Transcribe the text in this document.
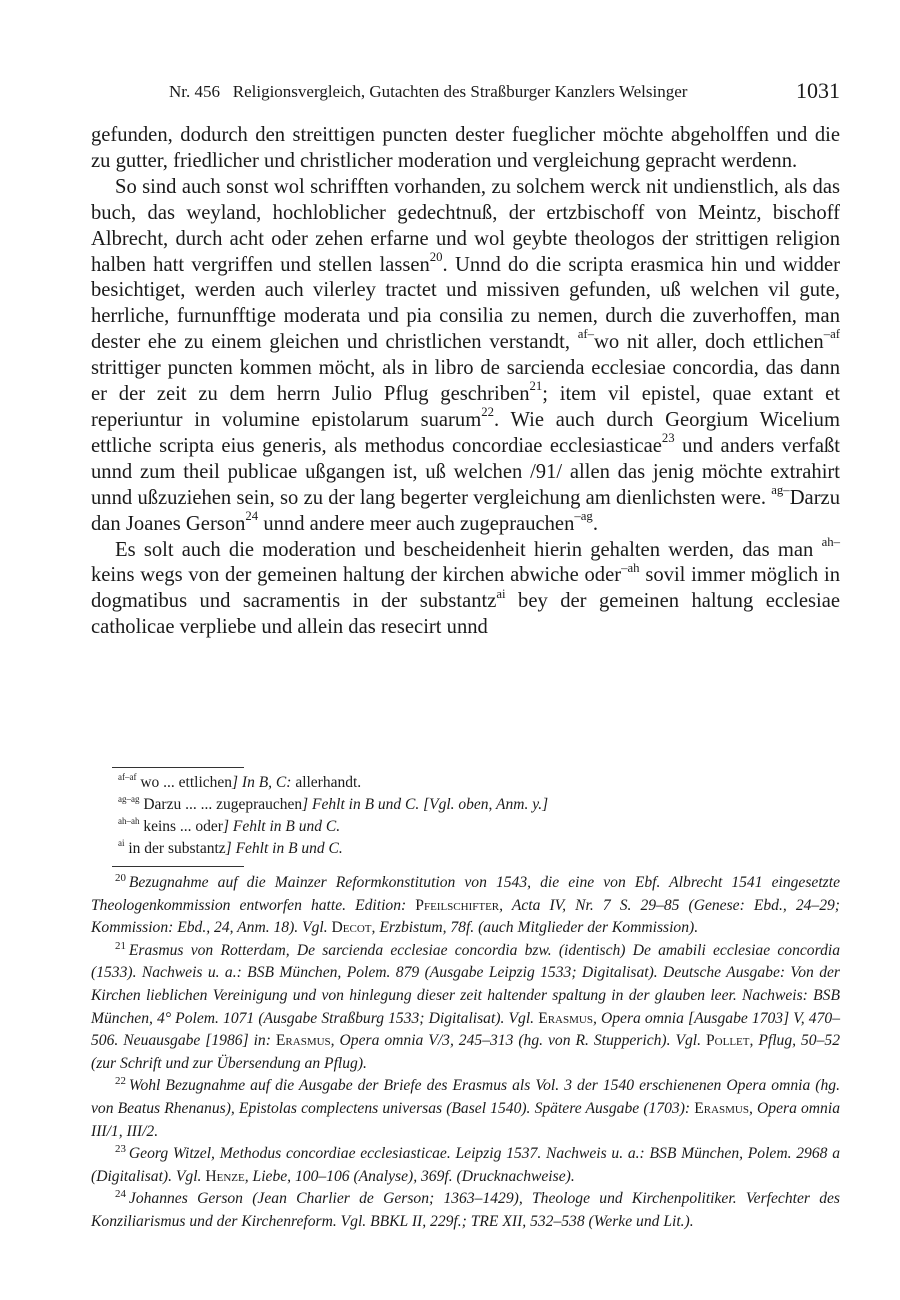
Nr. 456   Religionsvergleich, Gutachten des Straßburger Kanzlers Welsinger	1031

gefunden, dodurch den streittigen puncten dester fueglicher möchte abgeholffen und die zu gutter, friedlicher und christlicher moderation und vergleichung gepracht werdenn.

So sind auch sonst wol schrifften vorhanden, zu solchem werck nit undienstlich, als das buch, das weyland, hochloblicher gedechtnuß, der ertzbischoff von Meintz, bischoff Albrecht, durch acht oder zehen erfarne und wol geybte theologos der strittigen religion halben hatt vergriffen und stellen lassen$^{20}$. Unnd do die scripta erasmica hin und widder besichtiget, werden auch vilerley tractet und missiven gefunden, uß welchen vil gute, herrliche, furnunfftige moderata und pia consilia zu nemen, durch die zuverhoffen, man dester ehe zu einem gleichen und christlichen verstandt, $^{af-}$wo nit aller, doch ettlichen$^{-af}$ strittiger puncten kommen möcht, als in libro de sarcienda ecclesiae concordia, das dann er der zeit zu dem herrn Julio Pflug geschriben$^{21}$; item vil epistel, quae extant et reperiuntur in volumine epistolarum suarum$^{22}$. Wie auch durch Georgium Wicelium ettliche scripta eius generis, als methodus concordiae ecclesiasticae$^{23}$ und anders verfaßt unnd zum theil publicae ußgangen ist, uß welchen /91/ allen das jenig möchte extrahirt unnd ußzuziehen sein, so zu der lang begerter vergleichung am dienlichsten were. $^{ag-}$Darzu dan Joanes Gerson$^{24}$ unnd andere meer auch zugeprauchen$^{-ag}$.

Es solt auch die moderation und bescheidenheit hierin gehalten werden, das man $^{ah-}$keins wegs von der gemeinen haltung der kirchen abwiche oder$^{-ah}$ sovil immer möglich in dogmatibus und sacramentis in der substantz$^{ai}$ bey der gemeinen haltung ecclesiae catholicae verpliebe und allein das resecirt unnd

$^{af-af}$ wo ... ettlichen] In B, C: allerhandt.
$^{ag-ag}$ Darzu ... ... zugeprauchen] Fehlt in B und C. [Vgl. oben, Anm. y.]
$^{ah-ah}$ keins ... oder] Fehlt in B und C.
$^{ai}$ in der substantz] Fehlt in B und C.

$^{20}$ Bezugnahme auf die Mainzer Reformkonstitution von 1543, die eine von Ebf. Albrecht 1541 eingesetzte Theologenkommission entworfen hatte. Edition: Pfeilschifter, Acta IV, Nr. 7 S. 29–85 (Genese: Ebd., 24–29; Kommission: Ebd., 24, Anm. 18). Vgl. Decot, Erzbistum, 78f. (auch Mitglieder der Kommission).

$^{21}$ Erasmus von Rotterdam, De sarcienda ecclesiae concordia bzw. (identisch) De amabili ecclesiae concordia (1533). Nachweis u. a.: BSB München, Polem. 879 (Ausgabe Leipzig 1533; Digitalisat). Deutsche Ausgabe: Von der Kirchen lieblichen Vereinigung und von hinlegung dieser zeit haltender spaltung in der glauben leer. Nachweis: BSB München, 4° Polem. 1071 (Ausgabe Straßburg 1533; Digitalisat). Vgl. Erasmus, Opera omnia [Ausgabe 1703] V, 470–506. Neuausgabe [1986] in: Erasmus, Opera omnia V/3, 245–313 (hg. von R. Stupperich). Vgl. Pollet, Pflug, 50–52 (zur Schrift und zur Übersendung an Pflug).

$^{22}$ Wohl Bezugnahme auf die Ausgabe der Briefe des Erasmus als Vol. 3 der 1540 erschienenen Opera omnia (hg. von Beatus Rhenanus), Epistolas complectens universas (Basel 1540). Spätere Ausgabe (1703): Erasmus, Opera omnia III/1, III/2.

$^{23}$ Georg Witzel, Methodus concordiae ecclesiasticae. Leipzig 1537. Nachweis u. a.: BSB München, Polem. 2968 a (Digitalisat). Vgl. Henze, Liebe, 100–106 (Analyse), 369f. (Drucknachweise).

$^{24}$ Johannes Gerson (Jean Charlier de Gerson; 1363–1429), Theologe und Kirchenpolitiker. Verfechter des Konziliarismus und der Kirchenreform. Vgl. BBKL II, 229f.; TRE XII, 532–538 (Werke und Lit.).
